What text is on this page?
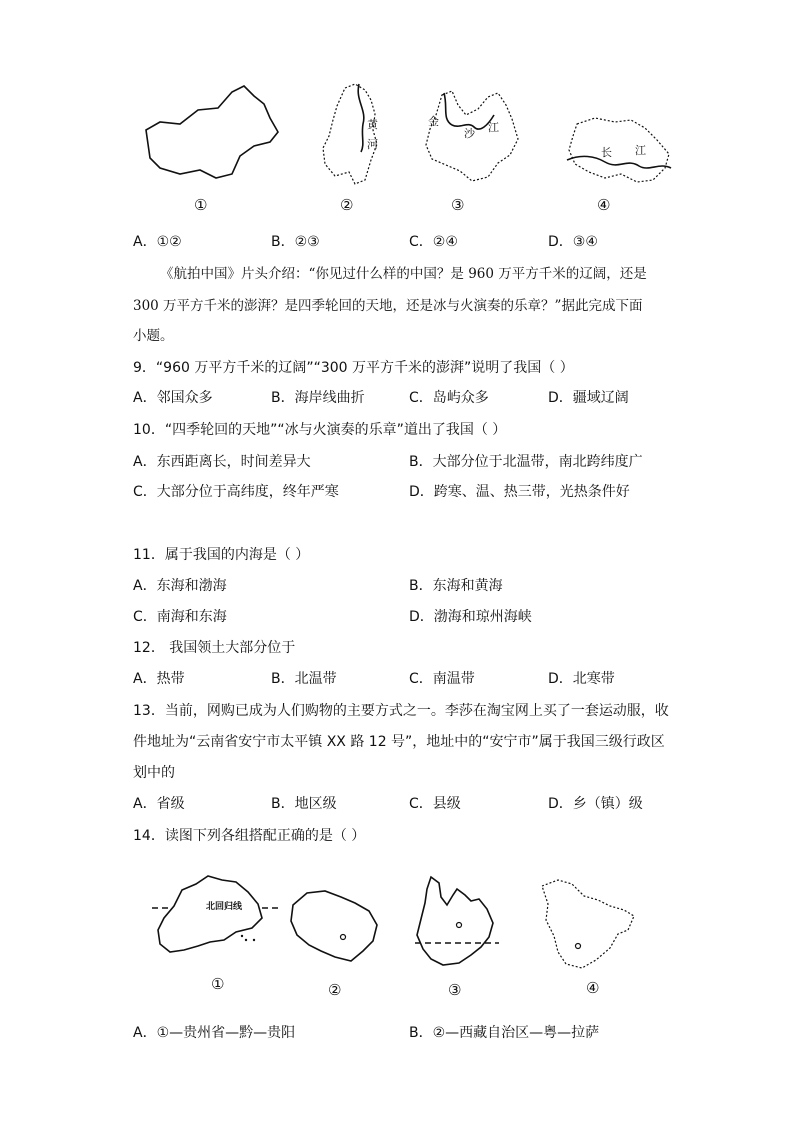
黄
河
金
沙 江
长 江
①	②	③	④
A．①②	B．②③	C．②④	D．③④
《航拍中国》片头介绍：“你见过什么样的中国？是 960 万平方千米的辽阔，还是
300 万平方千米的澎湃？是四季轮回的天地，还是冰与火演奏的乐章？”据此完成下面
小题。
9．“960 万平方千米的辽阔”“300 万平方千米的澎湃”说明了我国（ ）
A．邻国众多	B．海岸线曲折	C．岛屿众多	D．疆域辽阔
10．“四季轮回的天地”“冰与火演奏的乐章”道出了我国（ ）
A．东西距离长，时间差异大	B．大部分位于北温带，南北跨纬度广
C．大部分位于高纬度，终年严寒	D．跨寒、温、热三带，光热条件好
11．属于我国的内海是（ ）
A．东海和渤海	B．东海和黄海
C．南海和东海	D．渤海和琼州海峡
12． 我国领土大部分位于
A．热带	B．北温带	C．南温带	D．北寒带
13．当前，网购已成为人们购物的主要方式之一。李莎在淘宝网上买了一套运动服，收
件地址为“云南省安宁市太平镇 XX 路 12 号”，地址中的“安宁市”属于我国三级行政区
划中的
A．省级	B．地区级	C．县级	D．乡（镇）级
14．读图下列各组搭配正确的是（ ）
北回归线
①	②	③	④
A．①—贵州省—黔—贵阳	B．②—西藏自治区—粤—拉萨
